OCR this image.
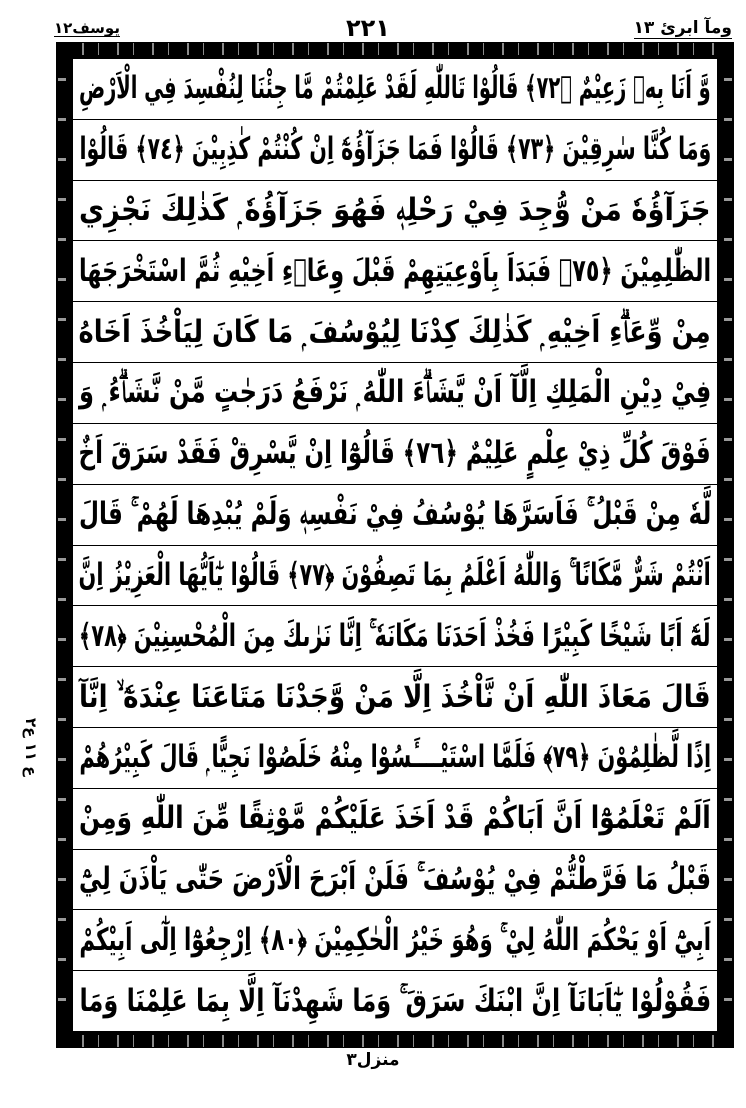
یوسف١٢	٢٢١	ومآ ابرئ ١٣
ع ١١ ع٢
وَّ اَنَا بِهٖ زَعِيْمٌ ﴿٧٢﴾ قَالُوْا تَاللّٰهِ لَقَدْ عَلِمْتُمْ مَّا جِئْنَا لِنُفْسِدَ فِي الْاَرْضِ
وَمَا كُنَّا سٰرِقِيْنَ ﴿٧٣﴾ قَالُوْا فَمَا جَزَآؤُهٗٓ اِنْ كُنْتُمْ كٰذِبِيْنَ ﴿٧٤﴾ قَالُوْا
جَزَآؤُهٗ مَنْ وُّجِدَ فِيْ رَحْلِهٖ فَهُوَ جَزَآؤُهٗ ۭ كَذٰلِكَ نَجْزِي
الظّٰلِمِيْنَ ﴿٧٥﴾ فَبَدَاَ بِاَوْعِيَتِهِمْ قَبْلَ وِعَاۗءِ اَخِيْهِ ثُمَّ اسْتَخْرَجَهَا
مِنْ وِّعَاۗءِ اَخِيْهِ ۭ كَذٰلِكَ كِدْنَا لِيُوْسُفَ ۭ مَا كَانَ لِيَاْخُذَ اَخَاهُ
فِيْ دِيْنِ الْمَلِكِ اِلَّآ اَنْ يَّشَاۗءَ اللّٰهُ ۭ نَرْفَعُ دَرَجٰتٍ مَّنْ نَّشَاۗءُ ۭ وَ
فَوْقَ كُلِّ ذِيْ عِلْمٍ عَلِيْمٌ ﴿٧٦﴾ قَالُوْٓا اِنْ يَّسْرِقْ فَقَدْ سَرَقَ اَخٌ
لَّهٗ مِنْ قَبْلُ ۚ فَاَسَرَّهَا يُوْسُفُ فِيْ نَفْسِهٖ وَلَمْ يُبْدِهَا لَهُمْ ۚ قَالَ
اَنْتُمْ شَرٌّ مَّكَانًا ۚ وَاللّٰهُ اَعْلَمُ بِمَا تَصِفُوْنَ ﴿٧٧﴾ قَالُوْا يٰٓاَيُّهَا الْعَزِيْزُ اِنَّ
لَهٗٓ اَبًا شَيْخًا كَبِيْرًا فَخُذْ اَحَدَنَا مَكَانَهٗ ۚ اِنَّا نَرٰىكَ مِنَ الْمُحْسِنِيْنَ ﴿٧٨﴾
قَالَ مَعَاذَ اللّٰهِ اَنْ نَّاْخُذَ اِلَّا مَنْ وَّجَدْنَا مَتَاعَنَا عِنْدَهٗٓ ۙ اِنَّآ
اِذًا لَّظٰلِمُوْنَ ﴿٧٩﴾ فَلَمَّا اسْتَيْــــَٔسُوْا مِنْهُ خَلَصُوْا نَجِيًّا ۭ قَالَ كَبِيْرُهُمْ
اَلَمْ تَعْلَمُوْٓا اَنَّ اَبَاكُمْ قَدْ اَخَذَ عَلَيْكُمْ مَّوْثِقًا مِّنَ اللّٰهِ وَمِنْ
قَبْلُ مَا فَرَّطْتُّمْ فِيْ يُوْسُفَ ۚ فَلَنْ اَبْرَحَ الْاَرْضَ حَتّٰى يَاْذَنَ لِيْٓ
اَبِيْٓ اَوْ يَحْكُمَ اللّٰهُ لِيْ ۚ وَهُوَ خَيْرُ الْحٰكِمِيْنَ ﴿٨٠﴾ اِرْجِعُوْٓا اِلٰٓى اَبِيْكُمْ
فَقُوْلُوْا يٰٓاَبَانَآ اِنَّ ابْنَكَ سَرَقَ ۚ وَمَا شَهِدْنَآ اِلَّا بِمَا عَلِمْنَا وَمَا
منزل٣
